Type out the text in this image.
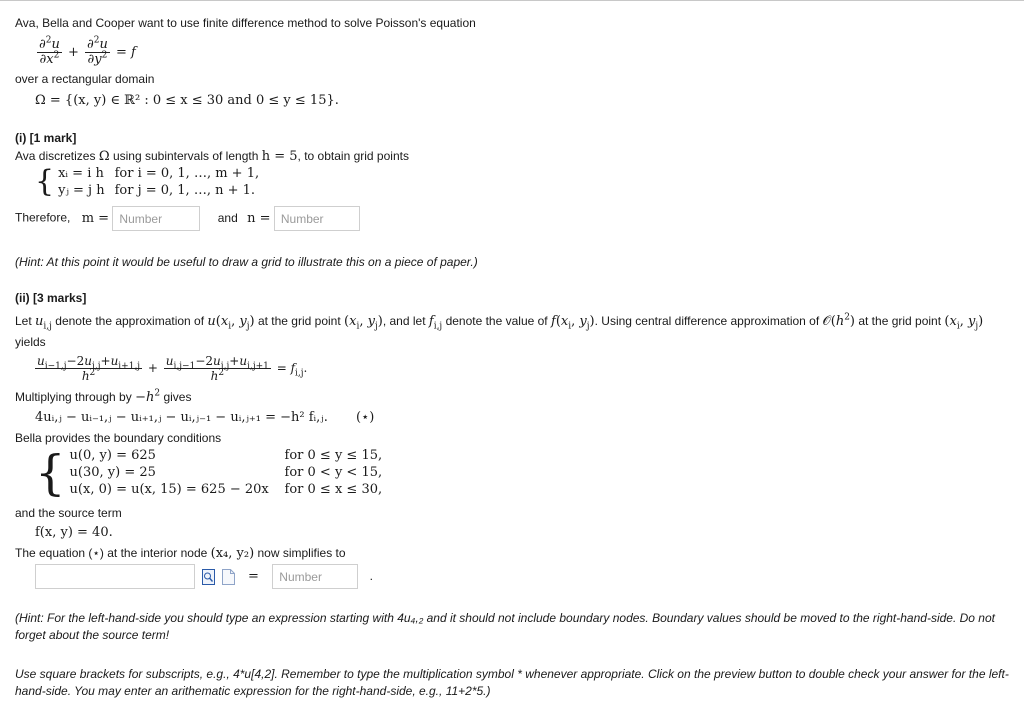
Ava, Bella and Cooper want to use finite difference method to solve Poisson's equation
$\frac{\partial^2u}{\partial x^2} + \frac{\partial^2u}{\partial y^2} = f$
over a rectangular domain
Ω = {(x, y) ∈ ℝ² : 0 ≤ x ≤ 30 and 0 ≤ y ≤ 15}.
(i) [1 mark]
Ava discretizes Ω using subintervals of length h = 5, to obtain grid points
{ xᵢ = i h for i = 0, 1, …, m + 1,
yⱼ = j h for j = 0, 1, …, n + 1.
Therefore, m = Number	and n = Number
(Hint: At this point it would be useful to draw a grid to illustrate this on a piece of paper.)
(ii) [3 marks]
Let $u_{i,j}$ denote the approximation of $u(x_i$, $y_j$) at the grid point ($x_i$, $y_j$), and let $f_{i,j}$ denote the value of $f(x_i$, $y_j$). Using central difference approximation of $𝒪(h^2)$ at the grid point ($x_i$, $y_j$) yields
$\frac{u_{i-1,j}-2u_{i,j}+u_{i+1,j}}{h^2} + \frac{u_{i,j-1}-2u_{i,j}+u_{i,j+1}}{h^2} = f_{i,j}$.
Multiplying through by $-h^2$ gives
4uᵢ,ⱼ − uᵢ₋₁,ⱼ − uᵢ₊₁,ⱼ − uᵢ,ⱼ₋₁ − uᵢ,ⱼ₊₁ = −h² fᵢ,ⱼ. (⋆)
Bella provides the boundary conditions
{ u(0, y) = 625	for 0 ≤ y ≤ 15,
u(30, y) = 25	for 0 < y < 15,
u(x, 0) = u(x, 15) = 625 − 20x	for 0 ≤ x ≤ 30,
and the source term
f(x, y) = 40.
The equation (⋆) at the interior node (x₄, y₂) now simplifies to
= Number	.
(Hint: For the left-hand-side you should type an expression starting with 4u₄,₂ and it should not include boundary nodes. Boundary values should be moved to the right-hand-side. Do not forget about the source term!
Use square brackets for subscripts, e.g., 4*u[4,2]. Remember to type the multiplication symbol * whenever appropriate. Click on the preview button to double check your answer for the left-hand-side. You may enter an arithematic expression for the right-hand-side, e.g., 11+2*5.)
